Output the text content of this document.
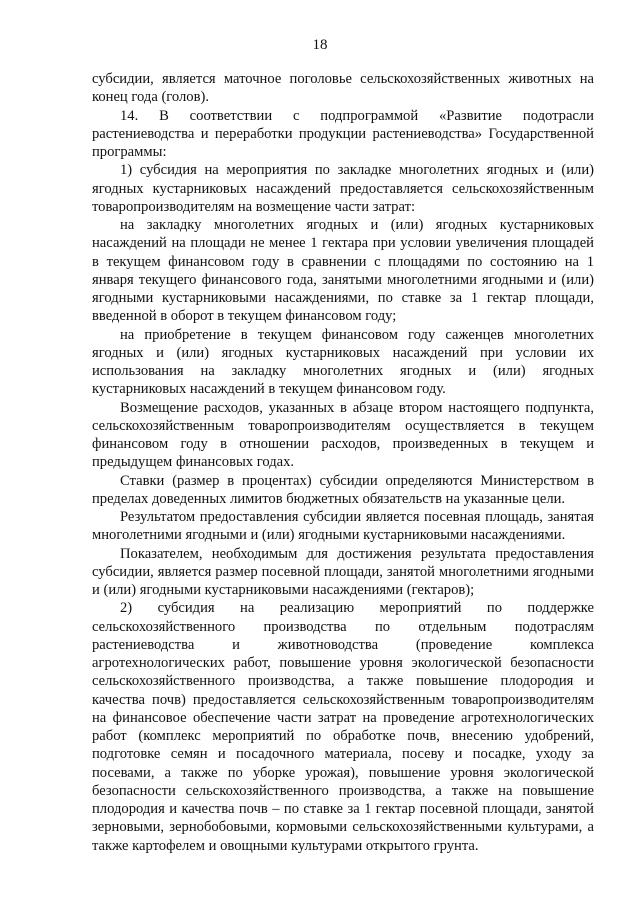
18

субсидии, является маточное поголовье сельскохозяйственных животных на конец года (голов).

14. В соответствии с подпрограммой «Развитие подотрасли растениеводства и переработки продукции растениеводства» Государственной программы:

1) субсидия на мероприятия по закладке многолетних ягодных и (или) ягодных кустарниковых насаждений предоставляется сельскохозяйственным товаропроизводителям на возмещение части затрат:

на закладку многолетних ягодных и (или) ягодных кустарниковых насаждений на площади не менее 1 гектара при условии увеличения площадей в текущем финансовом году в сравнении с площадями по состоянию на 1 января текущего финансового года, занятыми многолетними ягодными и (или) ягодными кустарниковыми насаждениями, по ставке за 1 гектар площади, введенной в оборот в текущем финансовом году;

на приобретение в текущем финансовом году саженцев многолетних ягодных и (или) ягодных кустарниковых насаждений при условии их использования на закладку многолетних ягодных и (или) ягодных кустарниковых насаждений в текущем финансовом году.

Возмещение расходов, указанных в абзаце втором настоящего подпункта, сельскохозяйственным товаропроизводителям осуществляется в текущем финансовом году в отношении расходов, произведенных в текущем и предыдущем финансовых годах.

Ставки (размер в процентах) субсидии определяются Министерством в пределах доведенных лимитов бюджетных обязательств на указанные цели.

Результатом предоставления субсидии является посевная площадь, занятая многолетними ягодными и (или) ягодными кустарниковыми насаждениями.

Показателем, необходимым для достижения результата предоставления субсидии, является размер посевной площади, занятой многолетними ягодными и (или) ягодными кустарниковыми насаждениями (гектаров);

2) субсидия на реализацию мероприятий по поддержке сельскохозяйственного производства по отдельным подотраслям растениеводства и животноводства (проведение комплекса агротехнологических работ, повышение уровня экологической безопасности сельскохозяйственного производства, а также повышение плодородия и качества почв) предоставляется сельскохозяйственным товаропроизводителям на финансовое обеспечение части затрат на проведение агротехнологических работ (комплекс мероприятий по обработке почв, внесению удобрений, подготовке семян и посадочного материала, посеву и посадке, уходу за посевами, а также по уборке урожая), повышение уровня экологической безопасности сельскохозяйственного производства, а также на повышение плодородия и качества почв – по ставке за 1 гектар посевной площади, занятой зерновыми, зернобобовыми, кормовыми сельскохозяйственными культурами, а также картофелем и овощными культурами открытого грунта.
